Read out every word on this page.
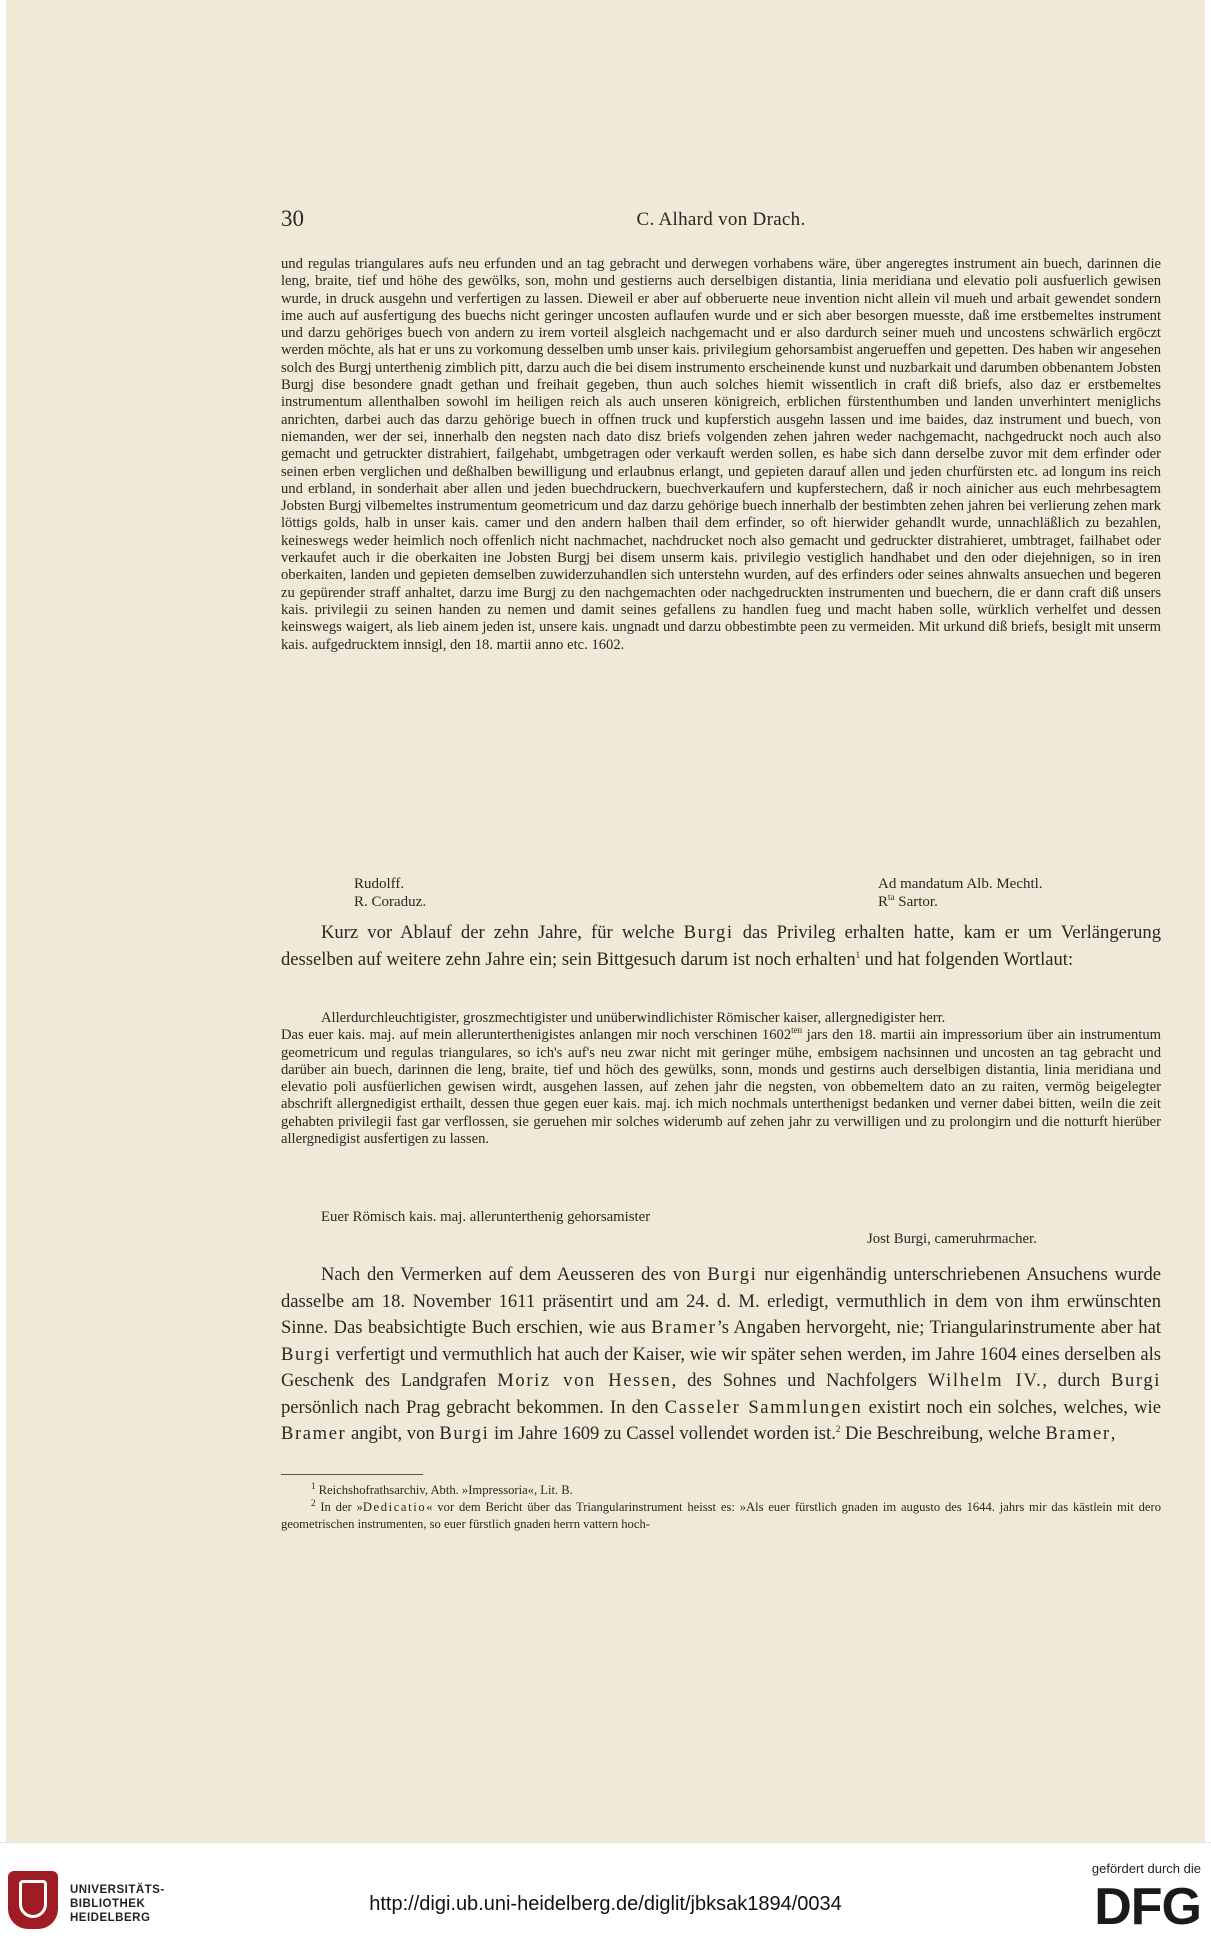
30	C. Alhard von Drach.

und regulas triangulares aufs neu erfunden und an tag gebracht und derwegen vorhabens wäre, über angeregtes instrument ain buech, darinnen die leng, braite, tief und höhe des gewölks, son, mohn und gestierns auch derselbigen distantia, linia meridiana und elevatio poli ausfuerlich gewisen wurde, in druck ausgehn und verfertigen zu lassen. Dieweil er aber auf obberuerte neue invention nicht allein vil mueh und arbait gewendet sondern ime auch auf ausfertigung des buechs nicht geringer uncosten auflaufen wurde und er sich aber besorgen muesste, daß ime erstbemeltes instrument und darzu gehöriges buech von andern zu irem vorteil alsgleich nachgemacht und er also dardurch seiner mueh und uncostens schwärlich ergöczt werden möchte, als hat er uns zu vorkomung desselben umb unser kais. privilegium gehorsambist angerueffen und gepetten. Des haben wir angesehen solch des Burgj unterthenig zimblich pitt, darzu auch die bei disem instrumento erscheinende kunst und nuzbarkait und darumben obbenantem Jobsten Burgj dise besondere gnadt gethan und freihait gegeben, thun auch solches hiemit wissentlich in craft diß briefs, also daz er erstbemeltes instrumentum allenthalben sowohl im heiligen reich als auch unseren königreich, erblichen fürstenthumben und landen unverhintert meniglichs anrichten, darbei auch das darzu gehörige buech in offnen truck und kupferstich ausgehn lassen und ime baides, daz instrument und buech, von niemanden, wer der sei, innerhalb den negsten nach dato disz briefs volgenden zehen jahren weder nachgemacht, nachgedruckt noch auch also gemacht und getruckter distrahiert, failgehabt, umbgetragen oder verkauft werden sollen, es habe sich dann derselbe zuvor mit dem erfinder oder seinen erben verglichen und deßhalben bewilligung und erlaubnus erlangt, und gepieten darauf allen und jeden churfürsten etc. ad longum ins reich und erbland, in sonderhait aber allen und jeden buechdruckern, buechverkaufern und kupferstechern, daß ir noch ainicher aus euch mehrbesagtem Jobsten Burgj vilbemeltes instrumentum geometricum und daz darzu gehörige buech innerhalb der bestimbten zehen jahren bei verlierung zehen mark löttigs golds, halb in unser kais. camer und den andern halben thail dem erfinder, so oft hierwider gehandlt wurde, unnachläßlich zu bezahlen, keineswegs weder heimlich noch offenlich nicht nachmachet, nachdrucket noch also gemacht und gedruckter distrahieret, umbtraget, failhabet oder verkaufet auch ir die oberkaiten ine Jobsten Burgj bei disem unserm kais. privilegio vestiglich handhabet und den oder diejehnigen, so in iren oberkaiten, landen und gepieten demselben zuwiderzuhandlen sich unterstehn wurden, auf des erfinders oder seines ahnwalts ansuechen und begeren zu gepürender straff anhaltet, darzu ime Burgj zu den nachgemachten oder nachgedruckten instrumenten und buechern, die er dann craft diß unsers kais. privilegii zu seinen handen zu nemen und damit seines gefallens zu handlen fueg und macht haben solle, würklich verhelfet und dessen keinswegs waigert, als lieb ainem jeden ist, unsere kais. ungnadt und darzu obbestimbte peen zu vermeiden. Mit urkund diß briefs, besiglt mit unserm kais. aufgedrucktem innsigl, den 18. martii anno etc. 1602.

Rudolff.	Ad mandatum Alb. Mechtl.
R. Coraduz.	$R^{ta}$ Sartor.

Kurz vor Ablauf der zehn Jahre, für welche Burgi das Privileg erhalten hatte, kam er um Verlängerung desselben auf weitere zehn Jahre ein; sein Bittgesuch darum ist noch erhalten$^1$ und hat folgenden Wortlaut:

Allerdurchleuchtigister, groszmechtigister und unüberwindlichister Römischer kaiser, allergnedigister herr.

Das euer kais. maj. auf mein allerunterthenigistes anlangen mir noch verschinen $1602^{ten}$ jars den 18. martii ain impressorium über ain instrumentum geometricum und regulas triangulares, so ich's auf's neu zwar nicht mit geringer mühe, embsigem nachsinnen und uncosten an tag gebracht und darüber ain buech, darinnen die leng, braite, tief und höch des gewülks, sonn, monds und gestirns auch derselbigen distantia, linia meridiana und elevatio poli ausfüerlichen gewisen wirdt, ausgehen lassen, auf zehen jahr die negsten, von obbemeltem dato an zu raiten, vermög beigelegter abschrift allergnedigist erthailt, dessen thue gegen euer kais. maj. ich mich nochmals unterthenigst bedanken und verner dabei bitten, weiln die zeit gehabten privilegii fast gar verflossen, sie geruehen mir solches widerumb auf zehen jahr zu verwilligen und zu prolongirn und die notturft hierüber allergnedigist ausfertigen zu lassen.

Euer Römisch kais. maj. allerunterthenig gehorsamister
Jost Burgi, cameruhrmacher.

Nach den Vermerken auf dem Aeusseren des von Burgi nur eigenhändig unterschriebenen Ansuchens wurde dasselbe am 18. November 1611 präsentirt und am 24. d. M. erledigt, vermuthlich in dem von ihm erwünschten Sinne. Das beabsichtigte Buch erschien, wie aus Bramer’s Angaben hervorgeht, nie; Triangularinstrumente aber hat Burgi verfertigt und vermuthlich hat auch der Kaiser, wie wir später sehen werden, im Jahre 1604 eines derselben als Geschenk des Landgrafen Moriz von Hessen, des Sohnes und Nachfolgers Wilhelm IV., durch Burgi persönlich nach Prag gebracht bekommen. In den Casseler Sammlungen existirt noch ein solches, welches, wie Bramer angibt, von Burgi im Jahre 1609 zu Cassel vollendet worden ist.$^2$ Die Beschreibung, welche Bramer,

$^1$ Reichshofrathsarchiv, Abth. »Impressoria«, Lit. B.

$^2$ In der »Dedicatio« vor dem Bericht über das Triangularinstrument heisst es: »Als euer fürstlich gnaden im augusto des 1644. jahrs mir das kästlein mit dero geometrischen instrumenten, so euer fürstlich gnaden herrn vattern hoch-

UNIVERSITÄTS-
BIBLIOTHEK
HEIDELBERG
http://digi.ub.uni-heidelberg.de/diglit/jbksak1894/0034
gefördert durch die
DFG
